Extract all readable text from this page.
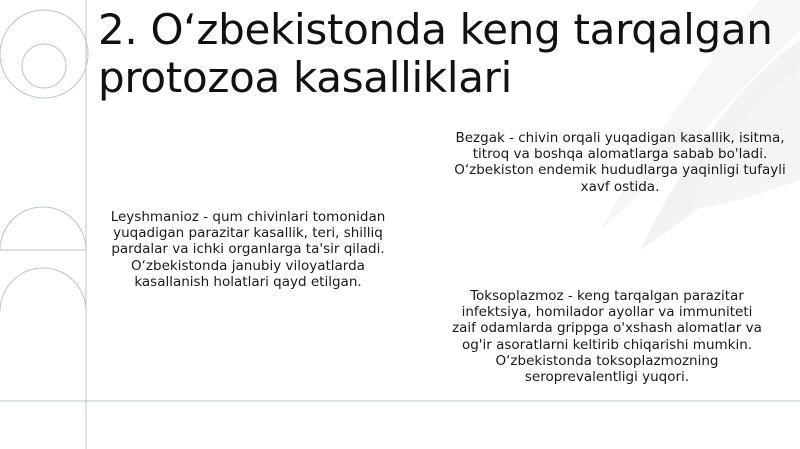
2. O‘zbekistonda keng tarqalgan protozoa kasalliklari

Bezgak - chivin orqali yuqadigan kasallik, isitma, titroq va boshqa alomatlarga sabab bo'ladi. O‘zbekiston endemik hududlarga yaqinligi tufayli xavf ostida.

Leyshmanioz - qum chivinlari tomonidan yuqadigan parazitar kasallik, teri, shilliq pardalar va ichki organlarga ta'sir qiladi. O‘zbekistonda janubiy viloyatlarda kasallanish holatlari qayd etilgan.

Toksoplazmoz - keng tarqalgan parazitar infektsiya, homilador ayollar va immuniteti zaif odamlarda grippga o'xshash alomatlar va og'ir asoratlarni keltirib chiqarishi mumkin. O‘zbekistonda toksoplazmozning seroprevalentligi yuqori.
